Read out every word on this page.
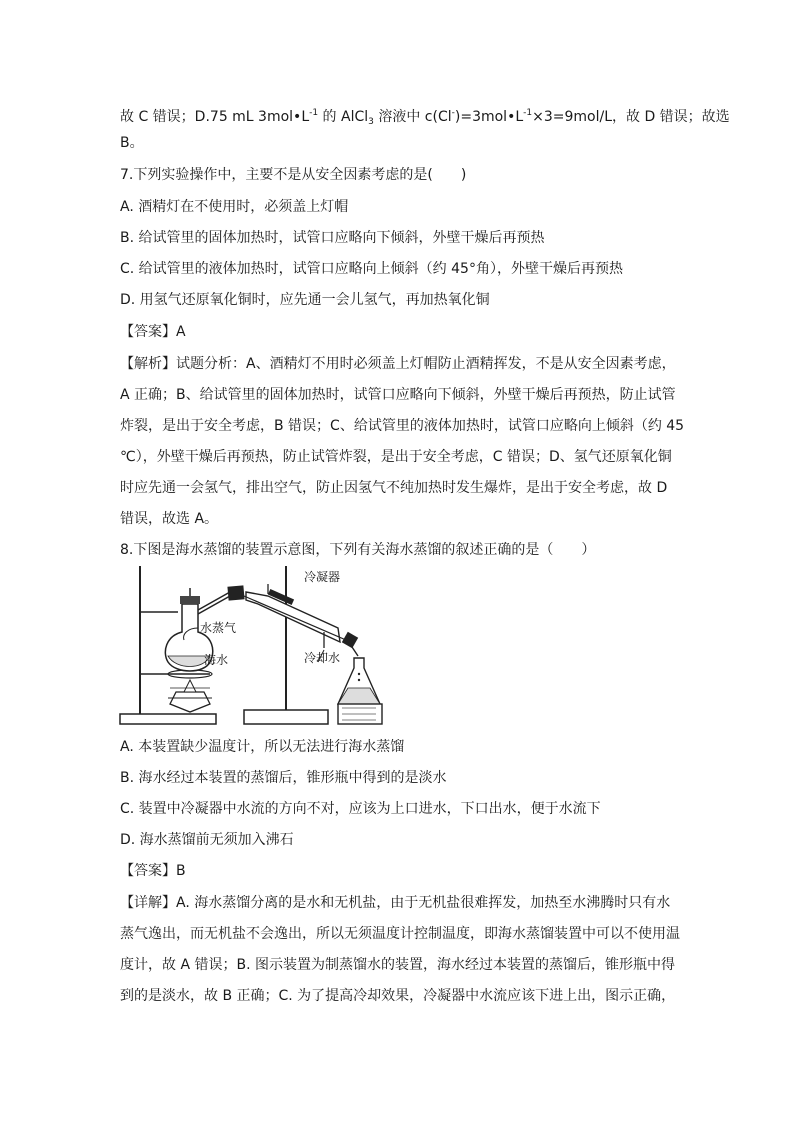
故 C 错误；D.75 mL $3mol•L^{-1}$ 的 AlCl$_3$ 溶液中 $c(Cl^-)=3mol•L^{-1}\times 3=9mol/L$，故 D 错误；故选
B。
7.下列实验操作中，主要不是从安全因素考虑的是(　　)
A. 酒精灯在不使用时，必须盖上灯帽
B. 给试管里的固体加热时，试管口应略向下倾斜，外壁干燥后再预热
C. 给试管里的液体加热时，试管口应略向上倾斜（约 45°角），外壁干燥后再预热
D. 用氢气还原氧化铜时，应先通一会儿氢气，再加热氧化铜
【答案】A
【解析】试题分析：A、酒精灯不用时必须盖上灯帽防止酒精挥发，不是从安全因素考虑，
A 正确；B、给试管里的固体加热时，试管口应略向下倾斜，外壁干燥后再预热，防止试管
炸裂，是出于安全考虑，B 错误；C、给试管里的液体加热时，试管口应略向上倾斜（约 45
℃），外壁干燥后再预热，防止试管炸裂，是出于安全考虑，C 错误；D、氢气还原氧化铜
时应先通一会氢气，排出空气，防止因氢气不纯加热时发生爆炸，是出于安全考虑，故 D
错误，故选 A。
8.下图是海水蒸馏的装置示意图，下列有关海水蒸馏的叙述正确的是（　　）
冷凝器
水蒸气
海水	冷却水
A. 本装置缺少温度计，所以无法进行海水蒸馏
B. 海水经过本装置的蒸馏后，锥形瓶中得到的是淡水
C. 装置中冷凝器中水流的方向不对，应该为上口进水，下口出水，便于水流下
D. 海水蒸馏前无须加入沸石
【答案】B
【详解】A. 海水蒸馏分离的是水和无机盐，由于无机盐很难挥发，加热至水沸腾时只有水
蒸气逸出，而无机盐不会逸出，所以无须温度计控制温度，即海水蒸馏装置中可以不使用温
度计，故 A 错误；B. 图示装置为制蒸馏水的装置，海水经过本装置的蒸馏后，锥形瓶中得
到的是淡水，故 B 正确；C. 为了提高冷却效果，冷凝器中水流应该下进上出，图示正确，
